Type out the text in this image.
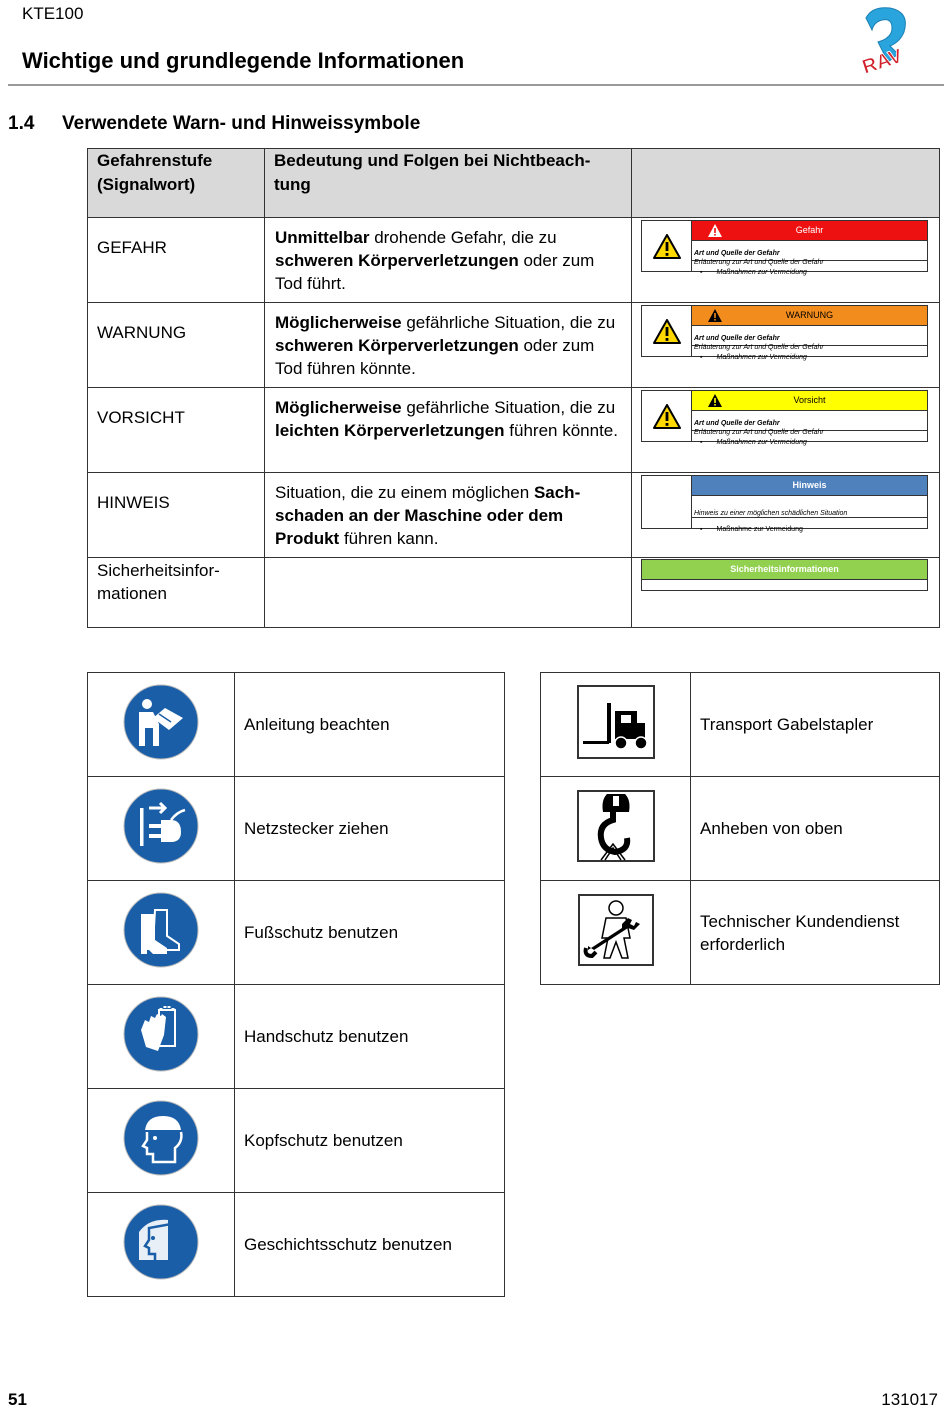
KTE100
Wichtige und grundlegende Informationen	RAV
1.4 Verwendete Warn- und Hinweissymbole
Gefahrenstufe (Signalwort)	Bedeutung und Folgen bei Nichtbeach-tung	
GEFAHR	Unmittelbar drohende Gefahr, die zu schweren Körperverletzungen oder zum Tod führt.	Gefahr
Art und Quelle der Gefahr
Erläuterung zur Art und Quelle der Gefahr
▪ Maßnahmen zur Vermeidung

WARNUNG	Möglicherweise gefährliche Situation, die zu schweren Körperverletzungen oder zum Tod führen könnte.	WARNUNG
Art und Quelle der Gefahr
Erläuterung zur Art und Quelle der Gefahr
▪ Maßnahmen zur Vermeidung

VORSICHT	Möglicherweise gefährliche Situation, die zu leichten Körperverletzungen führen könnte.	Vorsicht
Art und Quelle der Gefahr
Erläuterung zur Art und Quelle der Gefahr
▪ Maßnahmen zur Vermeidung

HINWEIS	Situation, die zu einem möglichen Sach-schaden an der Maschine oder dem Produkt führen kann.	Hinweis
Hinweis zu einer möglichen schädlichen Situation
▪ Maßnahme zur Vermeidung

Sicherheitsinfor-mationen		Sicherheitsinformationen
	Anleitung beachten
	Netzstecker ziehen
	Fußschutz benutzen
	Handschutz benutzen
	Kopfschutz benutzen
	Geschichtsschutz benutzen
	Transport Gabelstapler
	Anheben von oben
	Technischer Kundendienst erforderlich
51	131017
